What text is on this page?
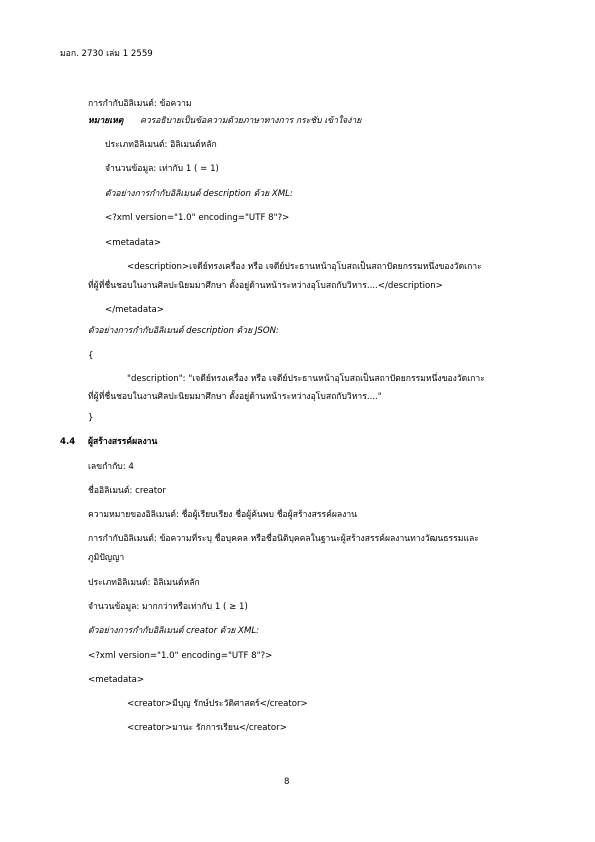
มอก. 2730 เล่ม 1 2559
การกำกับอิลิเมนต์: ข้อความ
หมายเหตุ ควรอธิบายเป็นข้อความด้วยภาษาทางการ กระชับ เข้าใจง่าย
ประเภทอิลิเมนต์: อิลิเมนต์หลัก
จำนวนข้อมูล: เท่ากับ 1 ( = 1)
ตัวอย่างการกำกับอิลิเมนต์ description ด้วย XML:
<?xml version="1.0" encoding="UTF 8"?>
<metadata>
<description>เจดีย์ทรงเครื่อง หรือ เจดีย์ประธานหน้าอุโบสถเป็นสถาปัตยกรรมหนึ่งของวัดเกาะ
ที่ผู้ที่ชื่นชอบในงานศิลปะนิยมมาศึกษา ตั้งอยู่ด้านหน้าระหว่างอุโบสถกับวิหาร....</description>
</metadata>
ตัวอย่างการกำกับอิลิเมนต์ description ด้วย JSON:
{
"description": "เจดีย์ทรงเครื่อง หรือ เจดีย์ประธานหน้าอุโบสถเป็นสถาปัตยกรรมหนึ่งของวัดเกาะ
ที่ผู้ที่ชื่นชอบในงานศิลปะนิยมมาศึกษา ตั้งอยู่ด้านหน้าระหว่างอุโบสถกับวิหาร...."
}
4.4 ผู้สร้างสรรค์ผลงาน
เลขกำกับ: 4
ชื่ออิลิเมนต์: creator
ความหมายของอิลิเมนต์: ชื่อผู้เรียบเรียง ชื่อผู้ค้นพบ ชื่อผู้สร้างสรรค์ผลงาน
การกำกับอิลิเมนต์: ข้อความที่ระบุ ชื่อบุคคล หรือชื่อนิติบุคคลในฐานะผู้สร้างสรรค์ผลงานทางวัฒนธรรมและ
ภูมิปัญญา
ประเภทอิลิเมนต์: อิลิเมนต์หลัก
จำนวนข้อมูล: มากกว่าหรือเท่ากับ 1 ( ≥ 1)
ตัวอย่างการกำกับอิลิเมนต์ creator ด้วย XML:
<?xml version="1.0" encoding="UTF 8"?>
<metadata>
<creator>มีบุญ รักษ์ประวัติศาสตร์</creator>
<creator>มานะ รักการเรียน</creator>
8
